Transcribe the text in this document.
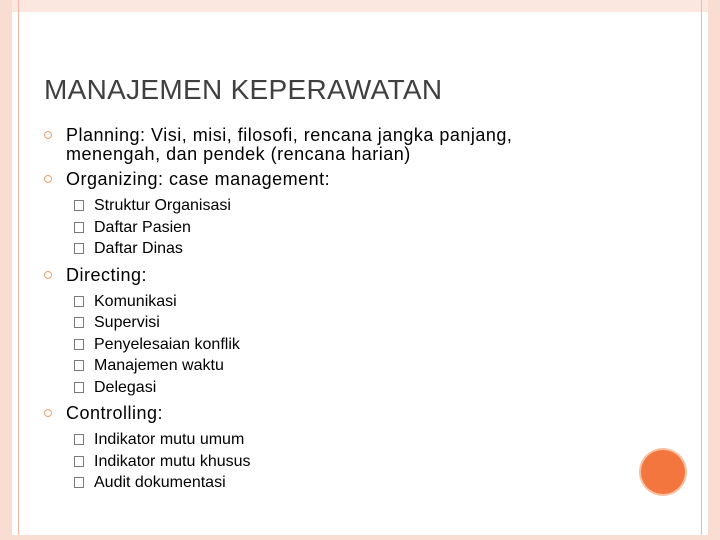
MANAJEMEN KEPERAWATAN
Planning: Visi, misi, filosofi, rencana jangka panjang, menengah, dan pendek (rencana harian)
Organizing: case management:
Struktur Organisasi
Daftar Pasien
Daftar Dinas
Directing:
Komunikasi
Supervisi
Penyelesaian konflik
Manajemen waktu
Delegasi
Controlling:
Indikator mutu umum
Indikator mutu khusus
Audit dokumentasi
